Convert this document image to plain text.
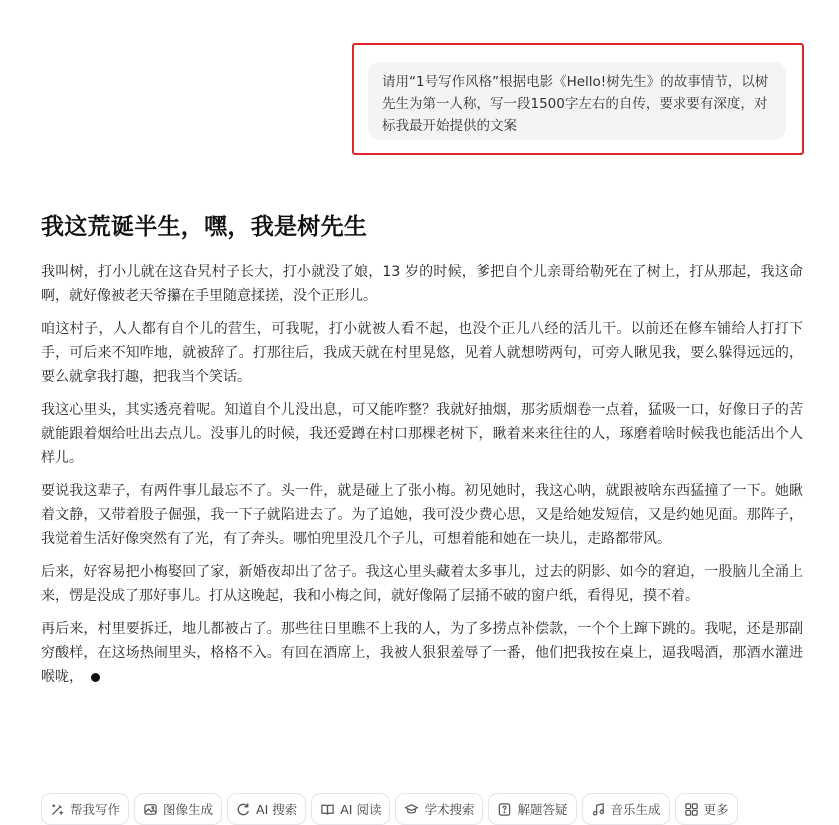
请用“1号写作风格”根据电影《Hello!树先生》的故事情节，以树先生为第一人称，写一段1500字左右的自传，要求要有深度，对标我最开始提供的文案
我这荒诞半生，嘿，我是树先生

我叫树，打小儿就在这旮旯村子长大，打小就没了娘，13 岁的时候，爹把自个儿亲哥给勒死在了树上，打从那起，我这命啊，就好像被老天爷攥在手里随意揉搓，没个正形儿。

咱这村子，人人都有自个儿的营生，可我呢，打小就被人看不起，也没个正儿八经的活儿干。以前还在修车铺给人打打下手，可后来不知咋地，就被辞了。打那往后，我成天就在村里晃悠，见着人就想唠两句，可旁人瞅见我，要么躲得远远的，要么就拿我打趣，把我当个笑话。

我这心里头，其实透亮着呢。知道自个儿没出息，可又能咋整？我就好抽烟，那劣质烟卷一点着，猛吸一口，好像日子的苦就能跟着烟给吐出去点儿。没事儿的时候，我还爱蹲在村口那棵老树下，瞅着来来往往的人，琢磨着啥时候我也能活出个人样儿。

要说我这辈子，有两件事儿最忘不了。头一件，就是碰上了张小梅。初见她时，我这心呐，就跟被啥东西猛撞了一下。她瞅着文静，又带着股子倔强，我一下子就陷进去了。为了追她，我可没少费心思，又是给她发短信，又是约她见面。那阵子，我觉着生活好像突然有了光，有了奔头。哪怕兜里没几个子儿，可想着能和她在一块儿，走路都带风。

后来，好容易把小梅娶回了家，新婚夜却出了岔子。我这心里头藏着太多事儿，过去的阴影、如今的窘迫，一股脑儿全涌上来，愣是没成了那好事儿。打从这晚起，我和小梅之间，就好像隔了层捅不破的窗户纸，看得见，摸不着。

再后来，村里要拆迁，地儿都被占了。那些往日里瞧不上我的人，为了多捞点补偿款，一个个上蹿下跳的。我呢，还是那副穷酸样，在这场热闹里头，格格不入。有回在酒席上，我被人狠狠羞辱了一番，他们把我按在桌上，逼我喝酒，那酒水灌进喉咙，

帮我写作	图像生成	AI 搜索	AI 阅读	学术搜索	解题答疑	音乐生成	更多
